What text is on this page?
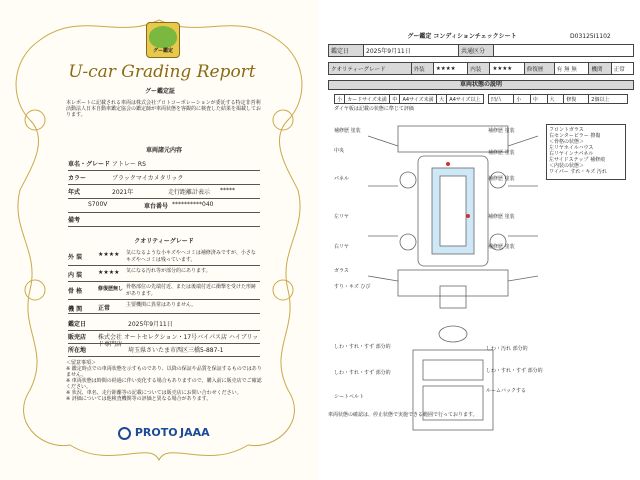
グー鑑定
U-car Grading Report
グー鑑定証
本レポートに記載される車両は株式会社プロトコーポレーションが委託する特定非営利活動法人日本自動車鑑定協会の鑑定師が車両状態を客観的に検査した結果を掲載しております。
車両諸元内容
車名・グレード アトレー RS
カラー	ブラックマイカメタリック
年式	2021年	走行距離計表示 *****
S700V	車台番号 **********040
備考
クオリティーグレード
外 装	★★★★ 気になるような小キズやヘコミは補修済みですが、小さなキズやヘコミは残っています。
内 装	★★★★ 気になる汚れ等が部分的にあります。
骨 格	修復歴無し 骨格部位の先端付近、または後端付近に衝撃を受けた形跡があります。
機 関	正常	主要機関に異常はありません。
鑑定日	2025年9月11日
販売店 株式会社 オートセレクション・17号バイパス店 ハイブリッド専門店
所在地	埼玉県さいたま市西区三橋5-887-1
＜留意事項＞
※ 鑑定時点での車両状態を示すものであり、以降の保証や品質を保証するものではありません。
※ 車両状態は時間の経過に伴い変化する場合もありますので、購入前に販売店でご確認ください。
※ 状況、車名、走行距離等の記載については販売店にお問い合わせください。
※ 評価については他検査機関等の評価と異なる場合があります。
PROTO JAAA
グー鑑定 コンディションチェックシート	D03125I1102
鑑定日	2025年9月11日	共通区分	
クオリティーグレード	外装	★★★★	内装	★★★★	修復歴	有 無 無	機関	正常
車両状態の説明
小	カードサイズ未満	中	A4サイズ未満	大	A4サイズ以上 凹凸	小	中	大	修復	2個以上
ダイヤ板は記載の状態に準じて評価
補修歴 塗装
中央
パネル
左リヤ
右リヤ
補修歴 塗装
補修歴 塗装
補修歴 塗装
補修歴 塗装
補修歴 塗装
ガラス
すり・キズ ひび
フロントガラス
右センターピラー 擦傷
＜骨格の状態＞
左リヤホイルハウス
右リヤインナパネル
左サイドステップ 補修痕
＜内装の状態＞
ワイパー すれ・キズ 汚れ
しわ・すれ・すず 部分的	しわ・汚れ 部分的
しわ・すれ・すず 部分的
しわ・すれ・すず 部分的
ルームバックする
シートベルト
車両状態の確認は、停止状態で実施できる範囲で行っております。
